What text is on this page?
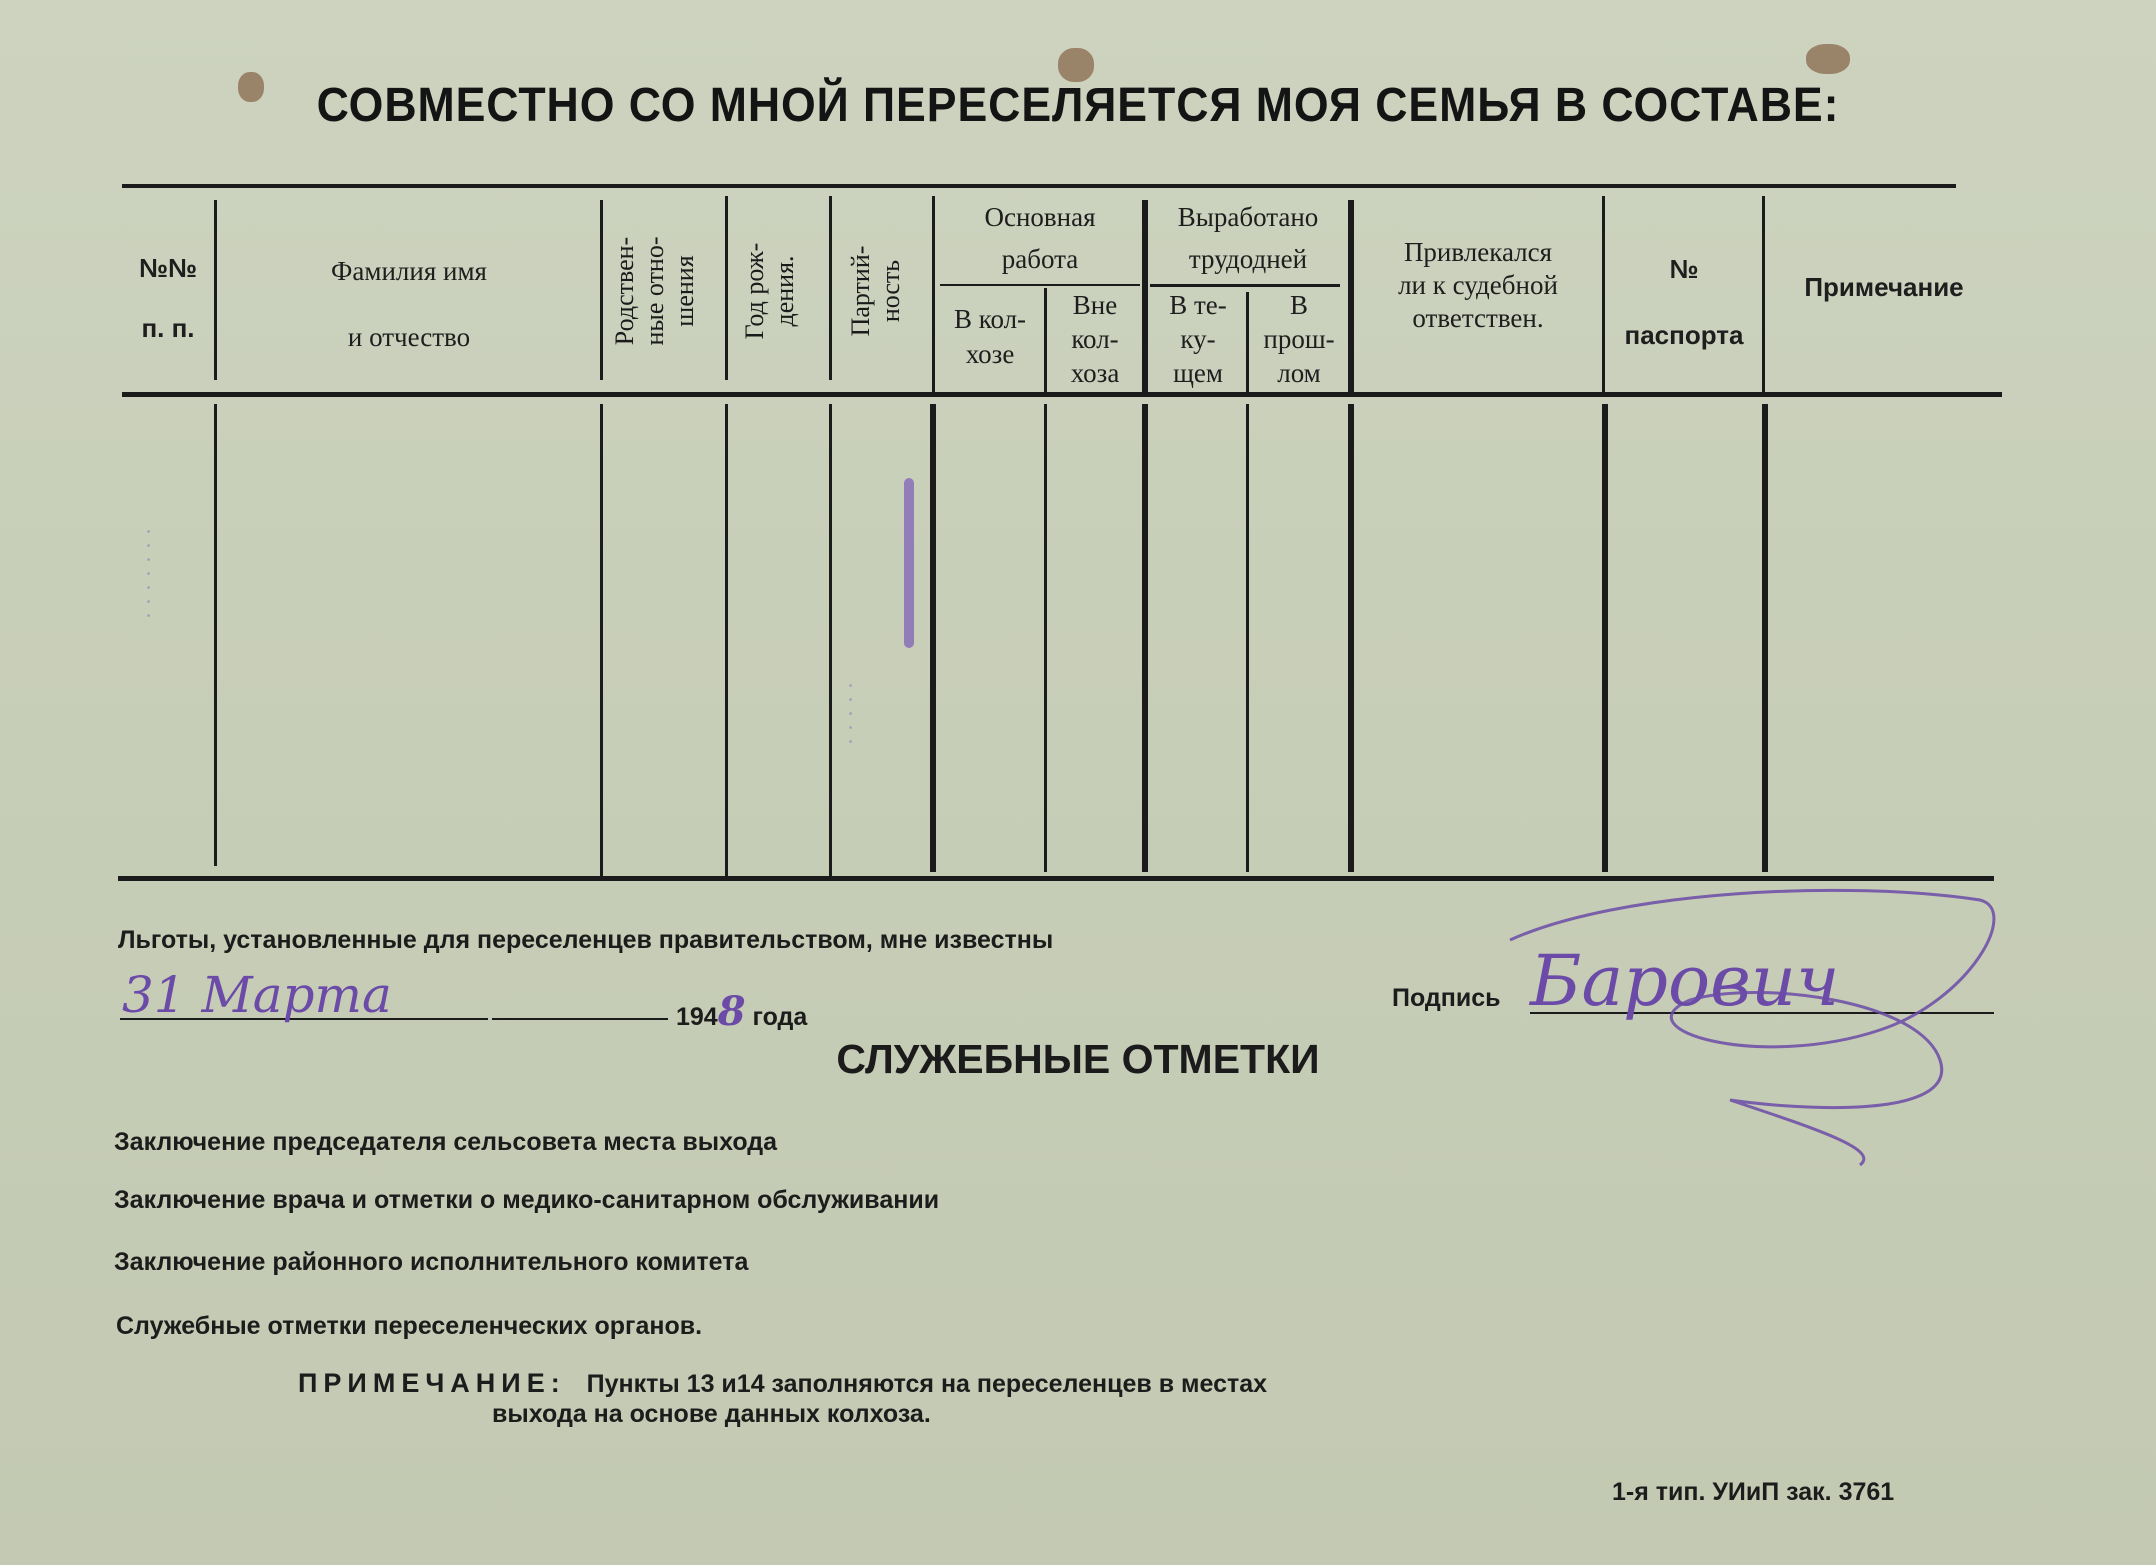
СОВМЕСТНО СО МНОЙ ПЕРЕСЕЛЯЕТСЯ МОЯ СЕМЬЯ В СОСТАВЕ:
№№
п. п.
Фамилия имя
и отчество	Родствен- ные отно- шения Год рож- дения. Партий- ность
Основная
работа
В кол-
хозе
Вне
кол-
хоза
Выработано
трудодней
В те-
ку-
щем
В
прош-
лом
Привлекался
ли к судебной
ответствен.
№
паспорта
Примечание
· · · · · · ·
· · · · ·
Льготы, установленные для переселенцев правительством, мне известны
31 Марта	1948 года
Подпись Барович
СЛУЖЕБНЫЕ ОТМЕТКИ
Заключение председателя сельсовета места выхода
Заключение врача и отметки о медико-санитарном обслуживании
Заключение районного исполнительного комитета
Служебные отметки переселенческих органов.
ПРИМЕЧАНИЕ: Пункты 13 и14 заполняются на переселенцев в местах
выхода на основе данных колхоза.
1-я тип. УИиП зак. 3761
